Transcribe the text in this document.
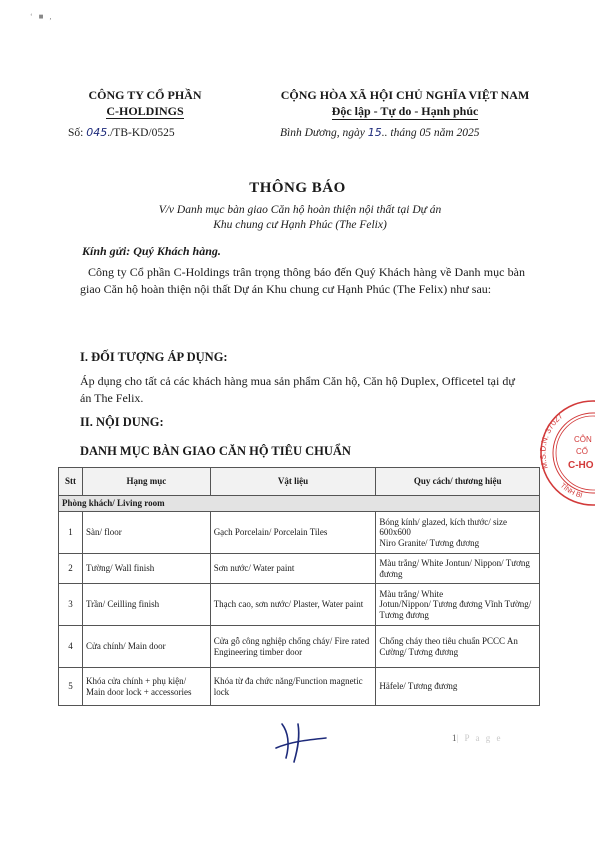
‘ ■ ,
CÔNG TY CỔ PHẦN
C-HOLDINGS
Số: 045./TB-KD/0525
CỘNG HÒA XÃ HỘI CHỦ NGHĨA VIỆT NAM
Độc lập - Tự do - Hạnh phúc
Bình Dương, ngày 15.. tháng 05 năm 2025
THÔNG BÁO
V/v Danh mục bàn giao Căn hộ hoàn thiện nội thất tại Dự án
Khu chung cư Hạnh Phúc (The Felix)
Kính gửi: Quý Khách hàng.
Công ty Cổ phần C-Holdings trân trọng thông báo đến Quý Khách hàng về Danh mục bàn giao Căn hộ hoàn thiện nội thất Dự án Khu chung cư Hạnh Phúc (The Felix) như sau:
I. ĐỐI TƯỢNG ÁP DỤNG:
Áp dụng cho tất cả các khách hàng mua sản phẩm Căn hộ, Căn hộ Duplex, Officetel tại dự án The Felix.
II. NỘI DUNG:
DANH MỤC BÀN GIAO CĂN HỘ TIÊU CHUẨN
Stt	Hạng mục	Vật liệu	Quy cách/ thương hiệu
Phòng khách/ Living room			
1	Sàn/ floor	Gạch Porcelain/ Porcelain Tiles	Bóng kính/ glazed, kích thước/ size 600x600
Niro Granite/ Tương đương
2	Tường/ Wall finish	Sơn nước/ Water paint	Màu trắng/ White Jontun/ Nippon/ Tương đương
3	Trần/ Ceilling finish	Thạch cao, sơn nước/ Plaster, Water paint	Màu trắng/ White
Jotun/Nippon/ Tương đương Vĩnh Tường/ Tương đương
4	Cửa chính/ Main door	Cửa gỗ công nghiệp chống cháy/ Fire rated Engineering timber door	Chống cháy theo tiêu chuẩn PCCC An Cường/ Tương đương
5	Khóa cửa chính + phụ kiện/ Main door lock + accessories	Khóa từ đa chức năng/Function magnetic lock	Häfele/ Tương đương
1| P a g e
M.S.D.N: 37027
TỈNH BÌ
CÔN
CỔ
C-HO
